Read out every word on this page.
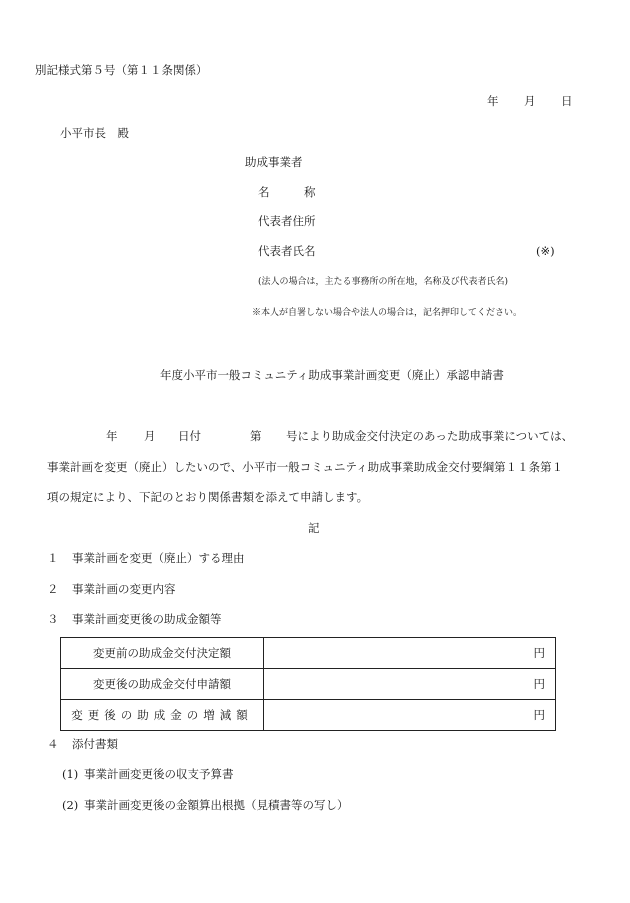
別記様式第５号（第１１条関係）
年 月 日
小平市長　殿
助成事業者
名　　　称
代表者住所
代表者氏名	(※)
(法人の場合は，主たる事務所の所在地，名称及び代表者氏名)
※本人が自署しない場合や法人の場合は，記名押印してください。
年度小平市一般コミュニティ助成事業計画変更（廃止）承認申請書
年 月 日付	第 号により助成金交付決定のあった助成事業については、
事業計画を変更（廃止）したいので、小平市一般コミュニティ助成事業助成金交付要綱第１１条第１
項の規定により、下記のとおり関係書類を添えて申請します。
記
１ 事業計画を変更（廃止）する理由
２ 事業計画の変更内容
３ 事業計画変更後の助成金額等
変更前の助成金交付決定額	円
変更後の助成金交付申請額	円
変更後の助成金の増減額	円
４ 添付書類
(1) 事業計画変更後の収支予算書
(2) 事業計画変更後の金額算出根拠（見積書等の写し）
